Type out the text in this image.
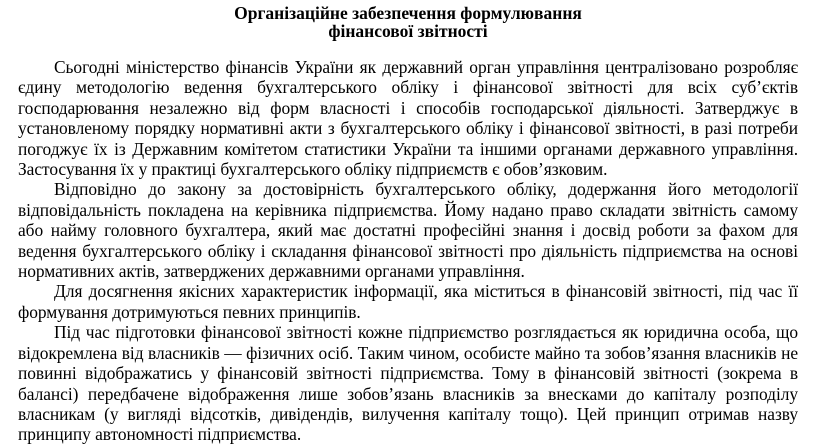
Організаційне забезпечення формулювання
фінансової звітності

Сьогодні міністерство фінансів України як державний орган управління централізовано розробляє єдину методологію ведення бухгалтерського обліку і фінансової звітності для всіх суб’єктів господарювання незалежно від форм власності і способів господарської діяльності. Затверджує в установленому порядку нормативні акти з бухгалтерського обліку і фінансової звітності, в разі потреби погоджує їх із Державним комітетом статистики України та іншими органами державного управління. Застосування їх у практиці бухгалтерського обліку підприємств є обов’язковим.

Відповідно до закону за достовірність бухгалтерського обліку, додержання його методології відповідальність покладена на керівника підприємства. Йому надано право складати звітність самому або найму головного бухгалтера, який має достатні професійні знання і досвід роботи за фахом для ведення бухгалтерського обліку і складання фінансової звітності про діяльність підприємства на основі нормативних актів, затверджених державними органами управління.

Для досягнення якісних характеристик інформації, яка міститься в фінансовій звітності, під час її формування дотримуються певних принципів.

Під час підготовки фінансової звітності кожне підприємство розглядається як юридична особа, що відокремлена від власників — фізичних осіб. Таким чином, особисте майно та зобов’язання власників не повинні відображатись у фінансовій звітності підприємства. Тому в фінансовій звітності (зокрема в балансі) передбачене відображення лише зобов’язань власників за внесками до капіталу розподілу власникам (у вигляді відсотків, дивідендів, вилучення капіталу тощо). Цей принцип отримав назву принципу автономності підприємства.
